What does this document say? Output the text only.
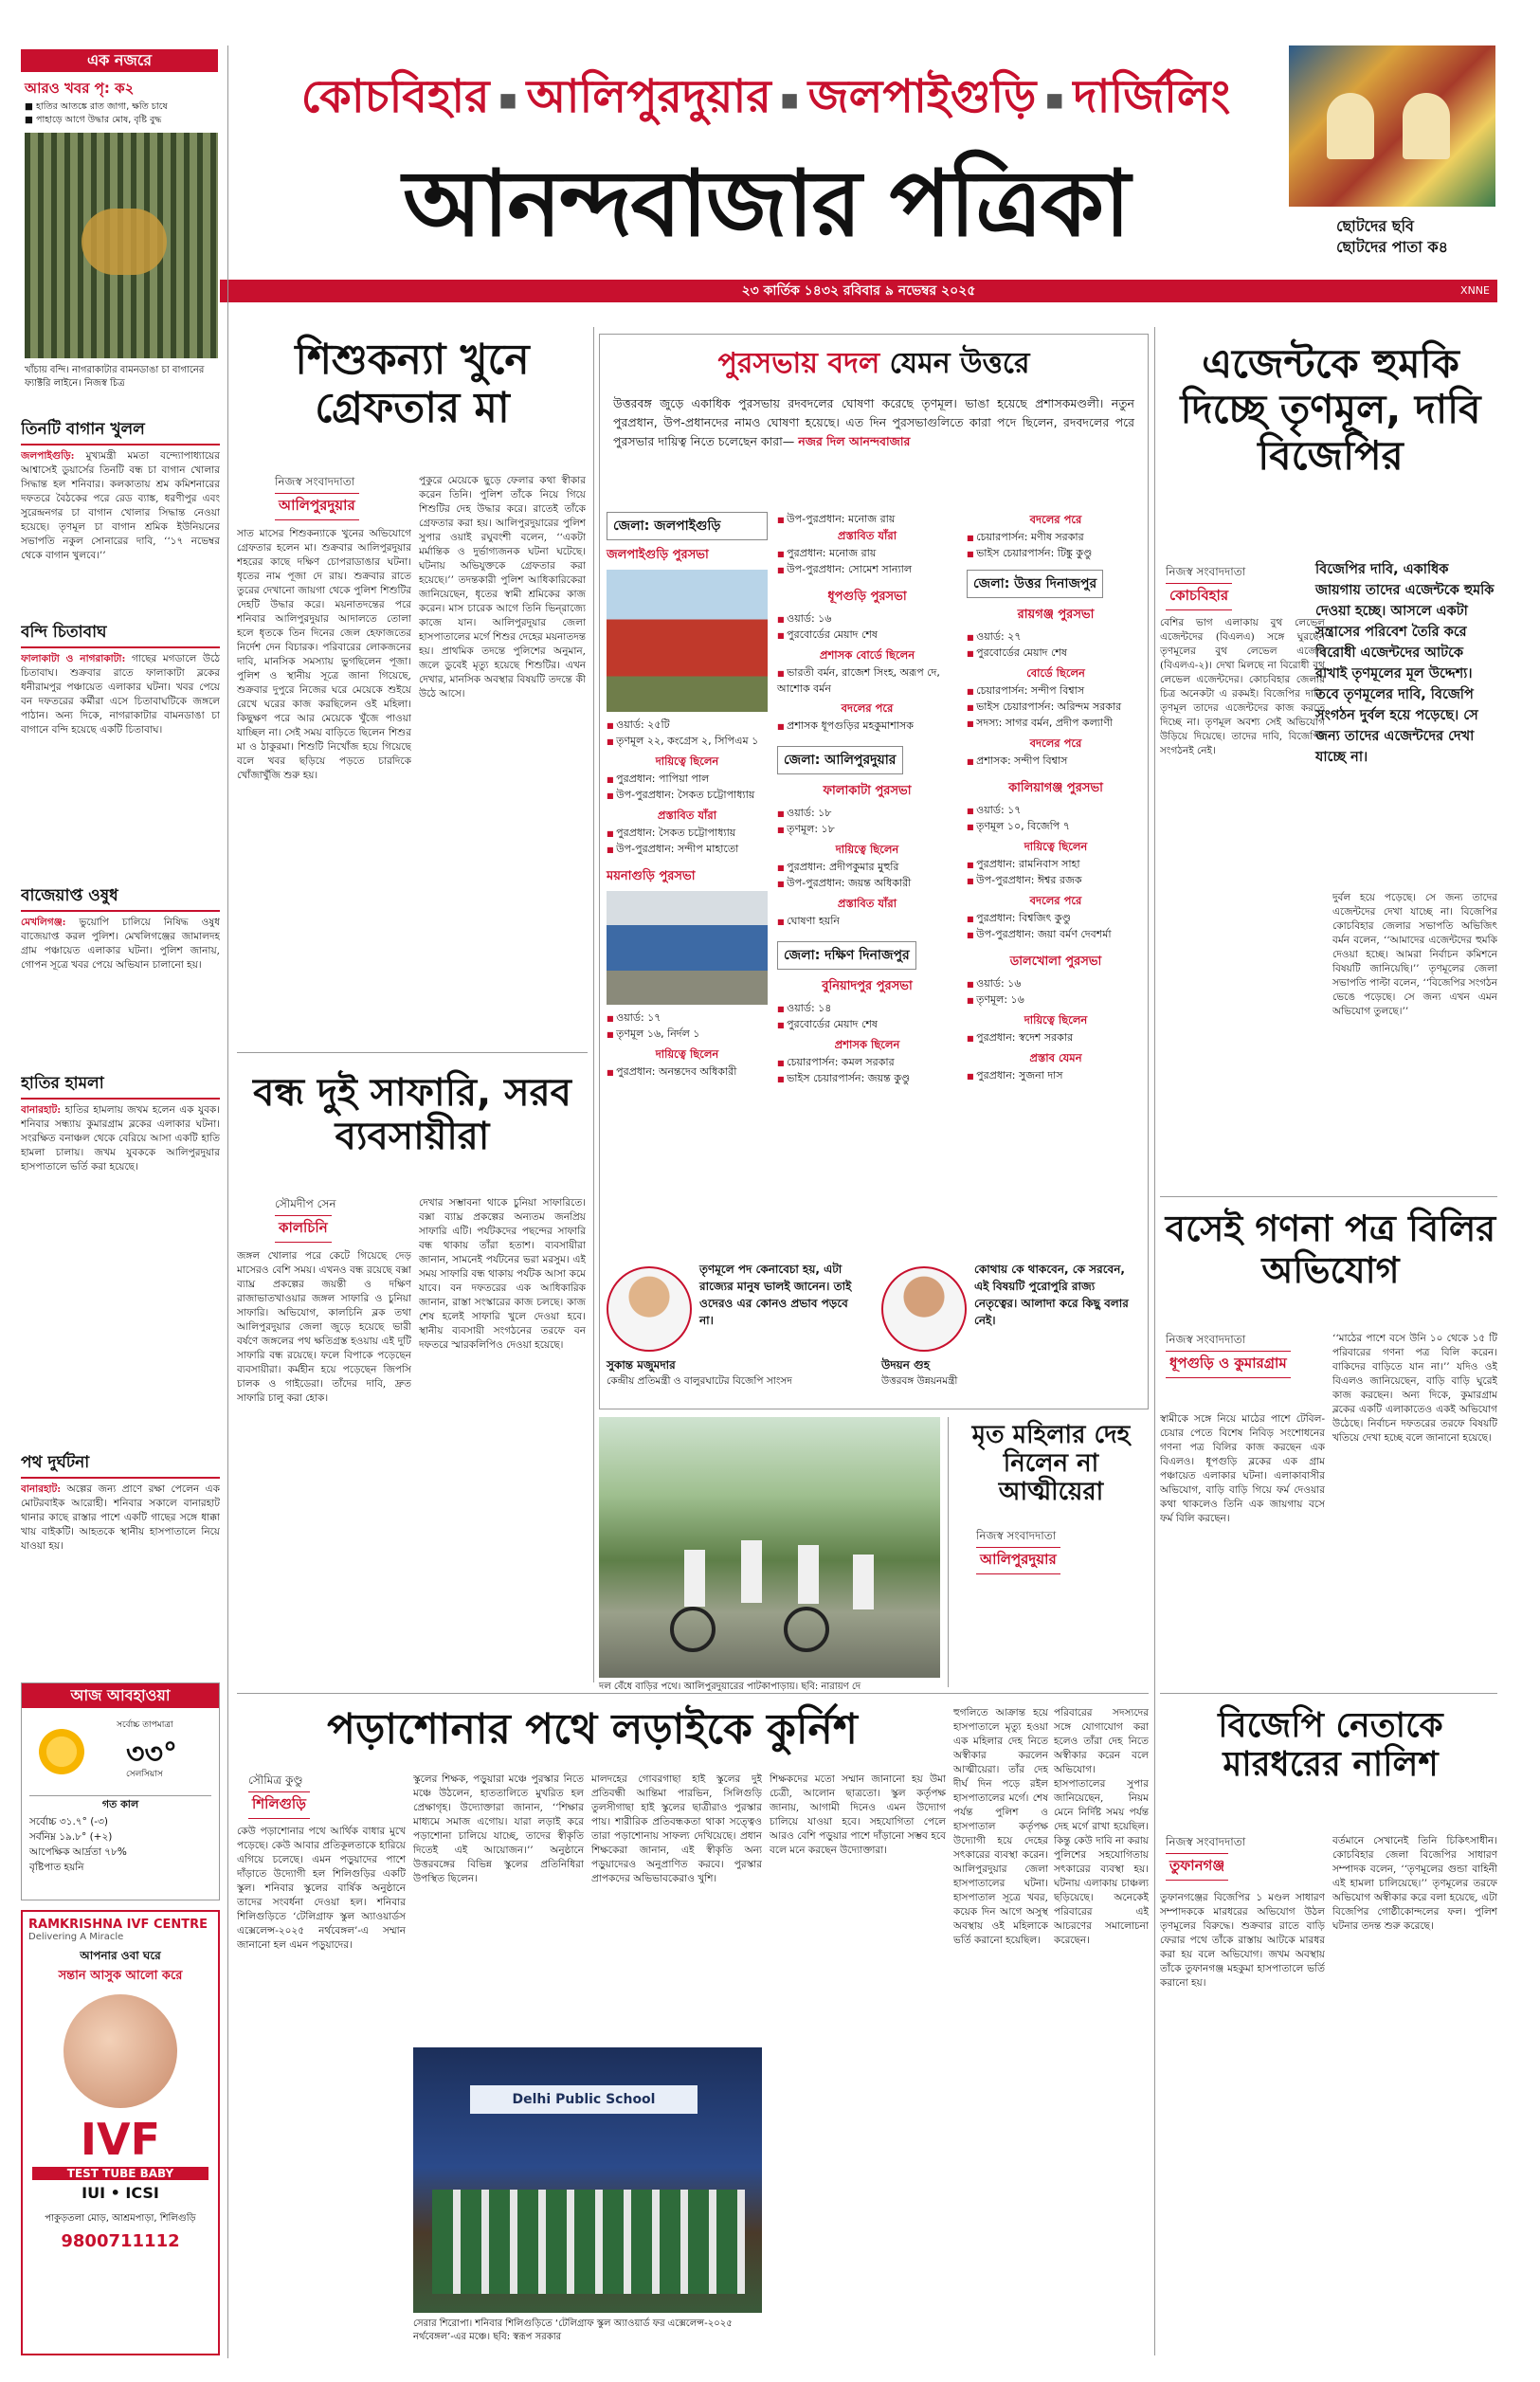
এক নজরে
আরও খবর পৃ: ক২
■ হাতির আতঙ্কে রাত জাগা, ক্ষতি চাষে
■ পাহাড়ে আগে উদ্ধার মোষ, বৃষ্টি বুদ্ধ
খাঁচায় বন্দি। নাগরাকাটার বামনডাঙা চা বাগানের ফ্যাক্টরি লাইনে। নিজস্ব চিত্র
কোচবিহার ■ আলিপুরদুয়ার ■ জলপাইগুড়ি ■ দার্জিলিং
আনন্দবাজার পত্রিকা	ছোটদের ছবি
ছোটদের পাতা ক৪
২৩ কার্তিক ১৪৩২ রবিবার ৯ নভেম্বর ২০২৫	XNNE
তিনটি বাগান খুলল
জলপাইগুড়ি: মুখ্যমন্ত্রী মমতা বন্দ্যোপাধ্যায়ের আশ্বাসেই ডুয়ার্সের তিনটি বন্ধ চা বাগান খোলার সিদ্ধান্ত হল শনিবার। কলকাতায় শ্রম কমিশনারের দফতরে বৈঠকের পরে রেড ব্যাঙ্ক, ধরণীপুর এবং সুরেন্দ্রনগর চা বাগান খোলার সিদ্ধান্ত নেওয়া হয়েছে। তৃণমূল চা বাগান শ্রমিক ইউনিয়নের সভাপতি নকুল সোনারের দাবি, ‘‘১৭ নভেম্বর থেকে বাগান খুলবে।’’
বন্দি চিতাবাঘ
ফালাকাটা ও নাগরাকাটা: গাছের মগডালে উঠে চিতাবাঘ। শুক্রবার রাতে ফালাকাটা ব্লকের ধনীরামপুর পঞ্চায়েত এলাকার ঘটনা। খবর পেয়ে বন দফতরের কর্মীরা এসে চিতাবাঘটিকে জঙ্গলে পাঠান। অন্য দিকে, নাগরাকাটার বামনডাঙা চা বাগানে বন্দি হয়েছে একটি চিতাবাঘ।
বাজেয়াপ্ত ওষুধ
মেখলিগঞ্জ: ভুয়োপি চালিয়ে নিষিদ্ধ ওষুধ বাজেয়াপ্ত করল পুলিশ। মেখলিগঞ্জের জামালদহ গ্রাম পঞ্চায়েত এলাকার ঘটনা। পুলিশ জানায়, গোপন সূত্রে খবর পেয়ে অভিযান চালানো হয়।
হাতির হামলা
বানারহাট: হাতির হামলায় জখম হলেন এক যুবক। শনিবার সন্ধ্যায় কুমারগ্রাম ব্লকের এলাকার ঘটনা। সংরক্ষিত বনাঞ্চল থেকে বেরিয়ে আসা একটি হাতি হামলা চালায়। জখম যুবককে আলিপুরদুয়ার হাসপাতালে ভর্তি করা হয়েছে।
পথ দুর্ঘটনা
বানারহাট: অল্পের জন্য প্রাণে রক্ষা পেলেন এক মোটরবাইক আরোহী। শনিবার সকালে বানারহাট থানার কাছে রাস্তার পাশে একটি গাছের সঙ্গে ধাক্কা খায় বাইকটি। আহতকে স্থানীয় হাসপাতালে নিয়ে যাওয়া হয়।
আজ আবহাওয়া
সর্বোচ্চ তাপমাত্রা
৩৩°
সেলসিয়াস
গত কাল
সর্বোচ্চ ৩১.৭° (-৩)
সর্বনিম্ন ১৯.৮° (+২)
আপেক্ষিক আর্দ্রতা ৭৮%
বৃষ্টিপাত হয়নি
RAMKRISHNA IVF CENTRE
Delivering A Miracle
আপনার ওবা ঘরে
সন্তান আসুক আলো করে
IVF
TEST TUBE BABY
IUI • ICSI
পাকুড়তলা মোড়, আশ্রমপাড়া, শিলিগুড়ি
9800711112
শিশুকন্যা খুনে গ্রেফতার মা
নিজস্ব সংবাদদাতা
আলিপুরদুয়ার
সাত মাসের শিশুকন্যাকে খুনের অভিযোগে গ্রেফতার হলেন মা। শুক্রবার আলিপুরদুয়ার শহরের কাছে দক্ষিণ চোপরাডাঙার ঘটনা। ধৃতের নাম পূজা দে রায়। শুক্রবার রাতে তুরের দেখানো জায়গা থেকে পুলিশ শিশুটির দেহটি উদ্ধার করে। ময়নাতদন্তের পরে শনিবার আলিপুরদুয়ার আদালতে তোলা হলে ধৃতকে তিন দিনের জেল হেফাজতের নির্দেশ দেন বিচারক। পরিবারের লোকজনের দাবি, মানসিক সমস্যায় ভুগছিলেন পূজা। পুলিশ ও স্থানীয় সূত্রে জানা গিয়েছে, শুক্রবার দুপুরে নিজের ঘরে মেয়েকে শুইয়ে রেখে ঘরের কাজ করছিলেন ওই মহিলা। কিছুক্ষণ পরে আর মেয়েকে খুঁজে পাওয়া যাচ্ছিল না। সেই সময় বাড়িতে ছিলেন শিশুর মা ও ঠাকুরমা। শিশুটি নিখোঁজ হয়ে গিয়েছে বলে খবর ছড়িয়ে পড়তে চারদিকে খোঁজাখুঁজি শুরু হয়।
পুকুরে মেয়েকে ছুড়ে ফেলার কথা স্বীকার করেন তিনি। পুলিশ তাঁকে নিয়ে গিয়ে শিশুটির দেহ উদ্ধার করে। রাতেই তাঁকে গ্রেফতার করা হয়। আলিপুরদুয়ারের পুলিশ সুপার ওয়াই রঘুবংশী বলেন, ‘‘একটা মর্মান্তিক ও দুর্ভাগ্যজনক ঘটনা ঘটেছে। ঘটনায় অভিযুক্তকে গ্রেফতার করা হয়েছে।’’ তদন্তকারী পুলিশ আধিকারিকেরা জানিয়েছেন, ধৃতের স্বামী শ্রমিকের কাজ করেন। মাস চারেক আগে তিনি ভিন্‌রাজ্যে কাজে যান। আলিপুরদুয়ার জেলা হাসপাতালের মর্গে শিশুর দেহের ময়নাতদন্ত হয়। প্রাথমিক তদন্তে পুলিশের অনুমান, জলে ডুবেই মৃত্যু হয়েছে শিশুটির। এখন দেখার, মানসিক অবস্থার বিষয়টি তদন্তে কী উঠে আসে।
বন্ধ দুই সাফারি, সরব ব্যবসায়ীরা
সৌমদীপ সেন
কালচিনি
জঙ্গল খোলার পরে কেটে গিয়েছে দেড় মাসেরও বেশি সময়। এখনও বন্ধ রয়েছে বক্সা ব্যাঘ্র প্রকল্পের জয়ন্তী ও দক্ষিণ রাজাভাতখাওয়ার জঙ্গল সাফারি ও চুনিয়া সাফারি। অভিযোগ, কালচিনি ব্লক তথা আলিপুরদুয়ার জেলা জুড়ে হয়েছে ভারী বর্ষণে জঙ্গলের পথ ক্ষতিগ্রস্ত হওয়ায় এই দুটি সাফারি বন্ধ রয়েছে। ফলে বিপাকে পড়েছেন ব্যবসায়ীরা। কর্মহীন হয়ে পড়েছেন জিপসি চালক ও গাইডেরা। তাঁদের দাবি, দ্রুত সাফারি চালু করা হোক।
দেখার সম্ভাবনা থাকে চুনিয়া সাফারিতে। বক্সা ব্যাঘ্র প্রকল্পের অন্যতম জনপ্রিয় সাফারি এটি। পর্যটকদের পছন্দের সাফারি বন্ধ থাকায় তাঁরা হতাশ। ব্যবসায়ীরা জানান, সামনেই পর্যটনের ভরা মরসুম। এই সময় সাফারি বন্ধ থাকায় পর্যটক আসা কমে যাবে। বন দফতরের এক আধিকারিক জানান, রাস্তা সংস্কারের কাজ চলছে। কাজ শেষ হলেই সাফারি খুলে দেওয়া হবে। স্থানীয় ব্যবসায়ী সংগঠনের তরফে বন দফতরে স্মারকলিপিও দেওয়া হয়েছে।
পুরসভায় বদল যেমন উত্তরে
উত্তরবঙ্গ জুড়ে একাধিক পুরসভায় রদবদলের ঘোষণা করেছে তৃণমূল। ভাঙা হয়েছে প্রশাসকমণ্ডলী। নতুন পুরপ্রধান, উপ-প্রধানদের নামও ঘোষণা হয়েছে। এত দিন পুরসভাগুলিতে কারা পদে ছিলেন, রদবদলের পরে পুরসভার দায়িত্ব নিতে চলেছেন কারা— নজর দিল আনন্দবাজার
জেলা: জলপাইগুড়ি
জলপাইগুড়ি পুরসভা
■ ওয়ার্ড: ২৫টি
■ তৃণমূল ২২, কংগ্রেস ২, সিপিএম ১
দায়িত্বে ছিলেন
■ পুরপ্রধান: পাপিয়া পাল
■ উপ-পুরপ্রধান: সৈকত চট্টোপাধ্যায়
প্রস্তাবিত যাঁরা
■ পুরপ্রধান: সৈকত চট্টোপাধ্যায়
■ উপ-পুরপ্রধান: সন্দীপ মাহাতো
ময়নাগুড়ি পুরসভা
■ ওয়ার্ড: ১৭
■ তৃণমূল ১৬, নির্দল ১
দায়িত্বে ছিলেন
■ পুরপ্রধান: অনন্তদেব অধিকারী
■ উপ-পুরপ্রধান: মনোজ রায়
প্রস্তাবিত যাঁরা
■ পুরপ্রধান: মনোজ রায়
■ উপ-পুরপ্রধান: সোমেশ সান্যাল
ধূপগুড়ি পুরসভা
■ ওয়ার্ড: ১৬
■ পুরবোর্ডের মেয়াদ শেষ
প্রশাসক বোর্ডে ছিলেন
■ ভারতী বর্মন, রাজেশ সিংহ, অরূপ দে, আশোক বর্মন
বদলের পরে
■ প্রশাসক ধূপগুড়ির মহকুমাশাসক
জেলা: আলিপুরদুয়ার
ফালাকাটা পুরসভা
■ ওয়ার্ড: ১৮
■ তৃণমূল: ১৮
দায়িত্বে ছিলেন
■ পুরপ্রধান: প্রদীপকুমার মুহুরি
■ উপ-পুরপ্রধান: জয়ন্ত অধিকারী
প্রস্তাবিত যাঁরা
■ ঘোষণা হয়নি
জেলা: দক্ষিণ দিনাজপুর
বুনিয়াদপুর পুরসভা
■ ওয়ার্ড: ১৪
■ পুরবোর্ডের মেয়াদ শেষ
প্রশাসক ছিলেন
■ চেয়ারপার্সন: কমল সরকার
■ ভাইস চেয়ারপার্সন: জয়ন্ত কুণ্ডু
বদলের পরে
■ চেয়ারপার্সন: মণীষ সরকার
■ ভাইস চেয়ারপার্সন: টিঙ্কু কুণ্ডু
জেলা: উত্তর দিনাজপুর
রায়গঞ্জ পুরসভা
■ ওয়ার্ড: ২৭
■ পুরবোর্ডের মেয়াদ শেষ
বোর্ডে ছিলেন
■ চেয়ারপার্সন: সন্দীপ বিশ্বাস
■ ভাইস চেয়ারপার্সন: অরিন্দম সরকার
■ সদস্য: সাগর বর্মন, প্রদীপ কল্যাণী
বদলের পরে
■ প্রশাসক: সন্দীপ বিশ্বাস
কালিয়াগঞ্জ পুরসভা
■ ওয়ার্ড: ১৭
■ তৃণমূল ১০, বিজেপি ৭
দায়িত্বে ছিলেন
■ পুরপ্রধান: রামনিবাস সাহা
■ উপ-পুরপ্রধান: ঈশ্বর রজক
বদলের পরে
■ পুরপ্রধান: বিশ্বজিৎ কুণ্ডু
■ উপ-পুরপ্রধান: জয়া বর্মণ দেবশর্মা
ডালখোলা পুরসভা
■ ওয়ার্ড: ১৬
■ তৃণমূল: ১৬
দায়িত্বে ছিলেন
■ পুরপ্রধান: স্বদেশ সরকার
প্রস্তাব যেমন
■ পুরপ্রধান: সুজনা দাস
তৃণমূলে পদ কেনাবেচা হয়, এটা রাজ্যের মানুষ ভালই জানেন। তাই ওদেরও এর কোনও প্রভাব পড়বে না।
সুকান্ত মজুমদার
কেন্দ্রীয় প্রতিমন্ত্রী ও বালুরঘাটের বিজেপি সাংসদ
কোথায় কে থাকবেন, কে সরবেন, এই বিষয়টি পুরোপুরি রাজ্য নেতৃত্বের। আলাদা করে কিছু বলার নেই।
উদয়ন গুহ
উত্তরবঙ্গ উন্নয়নমন্ত্রী
দল বেঁধে বাড়ির পথে। আলিপুরদুয়ারের পাটকাপাড়ায়। ছবি: নারায়ণ দে
মৃত মহিলার দেহ নিলেন না আত্মীয়েরা
নিজস্ব সংবাদদাতা
আলিপুরদুয়ার
এজেন্টকে হুমকি দিচ্ছে তৃণমূল, দাবি বিজেপির
নিজস্ব সংবাদদাতা
কোচবিহার
বিজেপির দাবি, একাধিক জায়গায় তাদের এজেন্টকে হুমকি দেওয়া হচ্ছে। আসলে একটা সন্ত্রাসের পরিবেশ তৈরি করে বিরোধী এজেন্টদের আটকে রাখাই তৃণমূলের মূল উদ্দেশ্য। তবে তৃণমূলের দাবি, বিজেপি সংগঠন দুর্বল হয়ে পড়েছে। সে জন্য তাদের এজেন্টদের দেখা যাচ্ছে না।
বেশির ভাগ এলাকায় বুথ লেভেল এজেন্টদের (বিএলএ) সঙ্গে ঘুরছেন তৃণমূলের বুথ লেভেল এজেন্ট (বিএলএ-২)। দেখা মিলছে না বিরোধী বুথ লেভেল এজেন্টদের। কোচবিহার জেলার চিত্র অনেকটা এ রকমই। বিজেপির দাবি, তৃণমূল তাদের এজেন্টদের কাজ করতে দিচ্ছে না। তৃণমূল অবশ্য সেই অভিযোগ উড়িয়ে দিয়েছে। তাদের দাবি, বিজেপির সংগঠনই নেই।
দুর্বল হয়ে পড়েছে। সে জন্য তাদের এজেন্টদের দেখা যাচ্ছে না। বিজেপির কোচবিহার জেলার সভাপতি অভিজিৎ বর্মন বলেন, ‘‘আমাদের এজেন্টদের হুমকি দেওয়া হচ্ছে। আমরা নির্বাচন কমিশনে বিষয়টি জানিয়েছি।’’ তৃণমূলের জেলা সভাপতি পাল্টা বলেন, ‘‘বিজেপির সংগঠন ভেঙে পড়েছে। সে জন্য এখন এমন অভিযোগ তুলছে।’’
বসেই গণনা পত্র বিলির অভিযোগ
নিজস্ব সংবাদদাতা
ধূপগুড়ি ও কুমারগ্রাম
স্বামীকে সঙ্গে নিয়ে মাঠের পাশে টেবিল-চেয়ার পেতে বিশেষ নিবিড় সংশোধনের গণনা পত্র বিলির কাজ করছেন এক বিএলও। ধূপগুড়ি ব্লকের এক গ্রাম পঞ্চায়েত এলাকার ঘটনা। এলাকাবাসীর অভিযোগ, বাড়ি বাড়ি গিয়ে ফর্ম দেওয়ার কথা থাকলেও তিনি এক জায়গায় বসে ফর্ম বিলি করছেন।
‘‘মাঠের পাশে বসে উনি ১০ থেকে ১৫ টি পরিবারের গণনা পত্র বিলি করেন। বাকিদের বাড়িতে যান না।’’ যদিও ওই বিএলও জানিয়েছেন, বাড়ি বাড়ি ঘুরেই কাজ করছেন। অন্য দিকে, কুমারগ্রাম ব্লকের একটি এলাকাতেও একই অভিযোগ উঠেছে। নির্বাচন দফতরের তরফে বিষয়টি খতিয়ে দেখা হচ্ছে বলে জানানো হয়েছে।
হুগলিতে আক্রান্ত হয়ে হাসপাতালে মৃত্যু হওয়া এক মহিলার দেহ নিতে অস্বীকার করলেন আত্মীয়েরা। তাঁর দেহ দীর্ঘ দিন পড়ে রইল হাসপাতালের মর্গে। শেষ পর্যন্ত পুলিশ ও হাসপাতাল কর্তৃপক্ষ উদ্যোগী হয়ে দেহের সৎকারের ব্যবস্থা করেন। আলিপুরদুয়ার জেলা হাসপাতালের ঘটনা। হাসপাতাল সূত্রে খবর, কয়েক দিন আগে অসুস্থ অবস্থায় ওই মহিলাকে ভর্তি করানো হয়েছিল।
পরিবারের সদস্যদের সঙ্গে যোগাযোগ করা হলেও তাঁরা দেহ নিতে অস্বীকার করেন বলে অভিযোগ। হাসপাতালের সুপার জানিয়েছেন, নিয়ম মেনে নির্দিষ্ট সময় পর্যন্ত দেহ মর্গে রাখা হয়েছিল। কিন্তু কেউ দাবি না করায় পুলিশের সহযোগিতায় সৎকারের ব্যবস্থা হয়। ঘটনায় এলাকায় চাঞ্চল্য ছড়িয়েছে। অনেকেই পরিবারের এই আচরণের সমালোচনা করেছেন।
বিজেপি নেতাকে মারধরের নালিশ
নিজস্ব সংবাদদাতা
তুফানগঞ্জ
তুফানগঞ্জের বিজেপির ১ মণ্ডল সাধারণ সম্পাদককে মারধরের অভিযোগ উঠল তৃণমূলের বিরুদ্ধে। শুক্রবার রাতে বাড়ি ফেরার পথে তাঁকে রাস্তায় আটকে মারধর করা হয় বলে অভিযোগ। জখম অবস্থায় তাঁকে তুফানগঞ্জ মহকুমা হাসপাতালে ভর্তি করানো হয়।
বর্তমানে সেখানেই তিনি চিকিৎসাধীন। কোচবিহার জেলা বিজেপির সাধারণ সম্পাদক বলেন, ‘‘তৃণমূলের গুন্ডা বাহিনী এই হামলা চালিয়েছে।’’ তৃণমূলের তরফে অভিযোগ অস্বীকার করে বলা হয়েছে, এটা বিজেপির গোষ্ঠীকোন্দলের ফল। পুলিশ ঘটনার তদন্ত শুরু করেছে।
পড়াশোনার পথে লড়াইকে কুর্নিশ
সৌমিত্র কুণ্ডু
শিলিগুড়ি
কেউ পড়াশোনার পথে আর্থিক বাধার মুখে পড়েছে। কেউ আবার প্রতিকূলতাকে হারিয়ে এগিয়ে চলেছে। এমন পড়ুয়াদের পাশে দাঁড়াতে উদ্যোগী হল শিলিগুড়ির একটি স্কুল। শনিবার স্কুলের বার্ষিক অনুষ্ঠানে তাদের সংবর্ধনা দেওয়া হল। শনিবার শিলিগুড়িতে ‘টেলিগ্রাফ স্কুল অ্যাওয়ার্ডস এক্সেলেন্স-২০২৫ নর্থবেঙ্গল’-এ সম্মান জানানো হল এমন পড়ুয়াদের।
স্কুলের শিক্ষক, পড়ুয়ারা মঞ্চে পুরস্কার নিতে মঞ্চে উঠলেন, হাততালিতে মুখরিত হল প্রেক্ষাগৃহ। উদ্যোক্তারা জানান, ‘‘শিক্ষার মাধ্যমে সমাজ এগোয়। যারা লড়াই করে পড়াশোনা চালিয়ে যাচ্ছে, তাদের স্বীকৃতি দিতেই এই আয়োজন।’’ অনুষ্ঠানে উত্তরবঙ্গের বিভিন্ন স্কুলের প্রতিনিধিরা উপস্থিত ছিলেন।
মালদহের গোবরগাছা হাই স্কুলের দুই প্রতিবন্ধী আন্তিমা পারভিন, সিলিগুড়ি তুলসীগাছা হাই স্কুলের ছাত্রীরাও পুরস্কার পায়। শারীরিক প্রতিবন্ধকতা থাকা সত্ত্বেও তারা পড়াশোনায় সাফল্য দেখিয়েছে। প্রধান শিক্ষকেরা জানান, এই স্বীকৃতি অন্য পড়ুয়াদেরও অনুপ্রাণিত করবে। পুরস্কার প্রাপকদের অভিভাবকেরাও খুশি।
শিক্ষকদের মতো সম্মান জানানো হয় উমা চেত্রী, আলোন ছাত্রতো। স্কুল কর্তৃপক্ষ জানায়, আগামী দিনেও এমন উদ্যোগ চালিয়ে যাওয়া হবে। সহযোগিতা পেলে আরও বেশি পড়ুয়ার পাশে দাঁড়ানো সম্ভব হবে বলে মনে করছেন উদ্যোক্তারা।
Delhi Public School
সেরার শিরোপা। শনিবার শিলিগুড়িতে ‘টেলিগ্রাফ স্কুল অ্যাওয়ার্ড ফর এক্সেলেন্স-২০২৫ নর্থবেঙ্গল’-এর মঞ্চে। ছবি: স্বরূপ সরকার
